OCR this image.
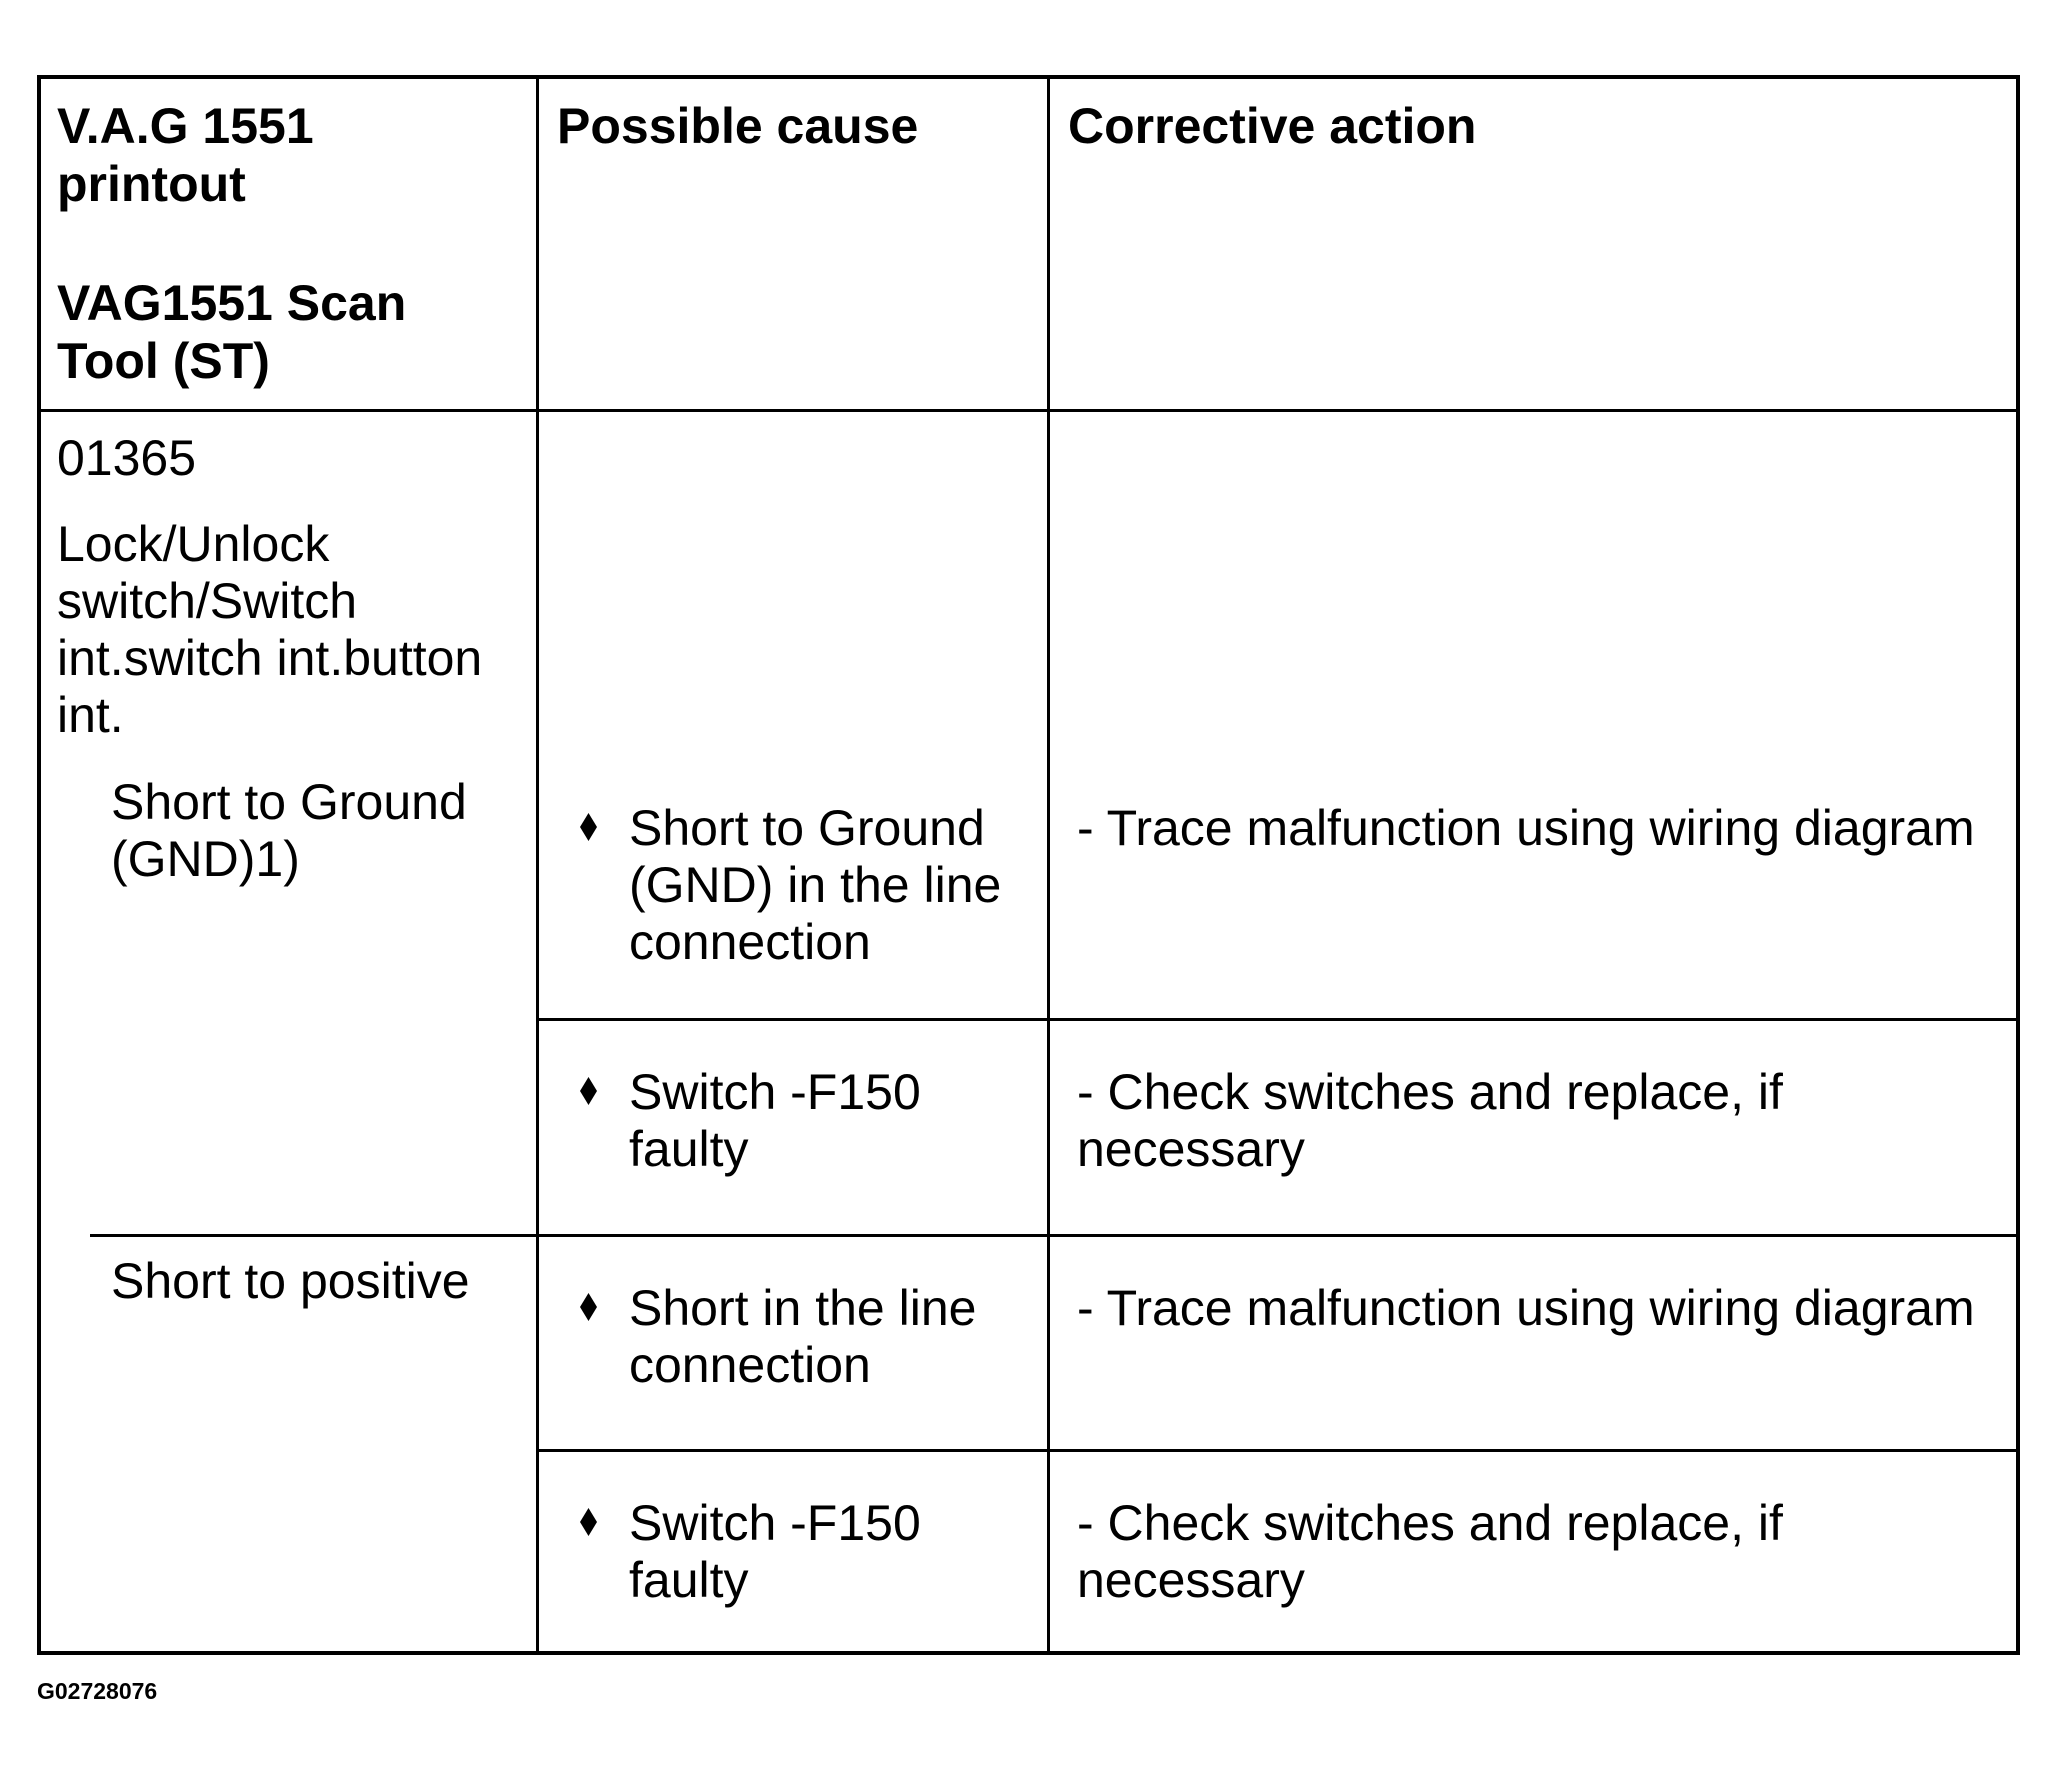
V.A.G 1551

printout

VAG1551 Scan

Tool (ST)

Possible cause	Corrective action

01365

Lock/Unlock

switch/Switch

int.switch int.button

int.

Short to Ground

(GND)1)

Short to Ground

(GND) in the line

connection

- Trace malfunction using wiring diagram

Switch -F150

faulty

- Check switches and replace, if

necessary

Short to positive	Short in the line

connection

- Trace malfunction using wiring diagram

Switch -F150

faulty

- Check switches and replace, if

necessary

G02728076
